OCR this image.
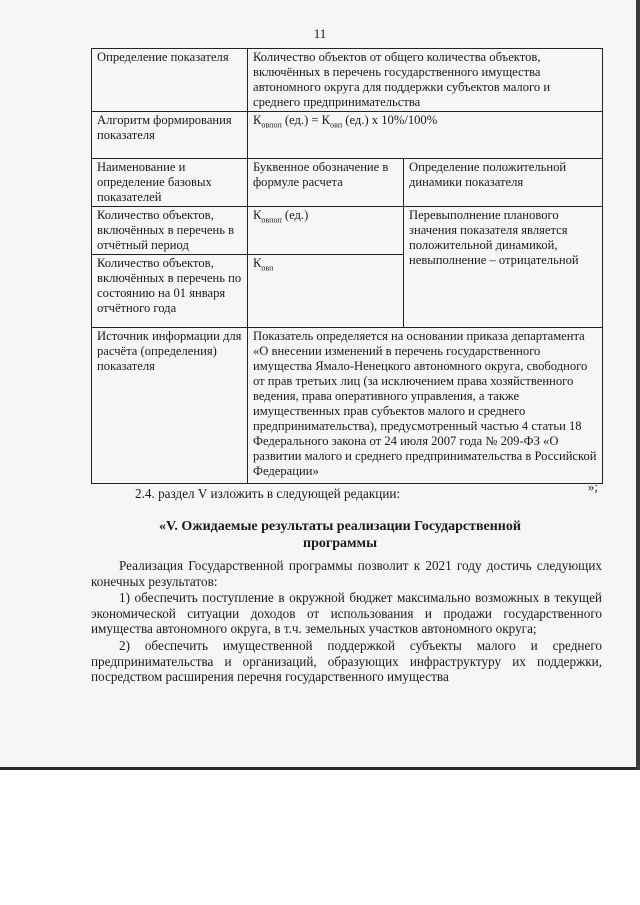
11
Определение показателя	Количество объектов от общего количества объектов, включённых в перечень государственного имущества автономного округа для поддержки субъектов малого и среднего предпринимательства	
Алгоритм формирования показателя	$К_{овпоп}$ $(ед.) = К_{овп}$ (ед.) х 10%/100%	
Наименование и определение базовых показателей	Буквенное обозначение в формуле расчета	Определение положительной динамики показателя
Количество объектов, включённых в перечень в отчётный период	$К_{овпоп}$ (ед.)	Перевыполнение планового значения показателя является положительной динамикой, невыполнение – отрицательной
Количество объектов, включённых в перечень по состоянию на 01 января отчётного года	$К_{овп}$
Источник информации для расчёта (определения) показателя	Показатель определяется на основании приказа департамента «О внесении изменений в перечень государственного имущества Ямало-Ненецкого автономного округа, свободного от прав третьих лиц (за исключением права хозяйственного ведения, права оперативного управления, а также имущественных прав субъектов малого и среднего предпринимательства), предусмотренный частью 4 статьи 18 Федерального закона от 24 июля 2007 года № 209-ФЗ «О развитии малого и среднего предпринимательства в Российской Федерации»	
»;
2.4. раздел V изложить в следующей редакции:
«V. Ожидаемые результаты реализации Государственной программы

Реализация Государственной программы позволит к 2021 году достичь следующих конечных результатов:

1) обеспечить поступление в окружной бюджет максимально возможных в текущей экономической ситуации доходов от использования и продажи государственного имущества автономного округа, в т.ч. земельных участков автономного округа;

2) обеспечить имущественной поддержкой субъекты малого и среднего предпринимательства и организаций, образующих инфраструктуру их поддержки, посредством расширения перечня государственного имущества
